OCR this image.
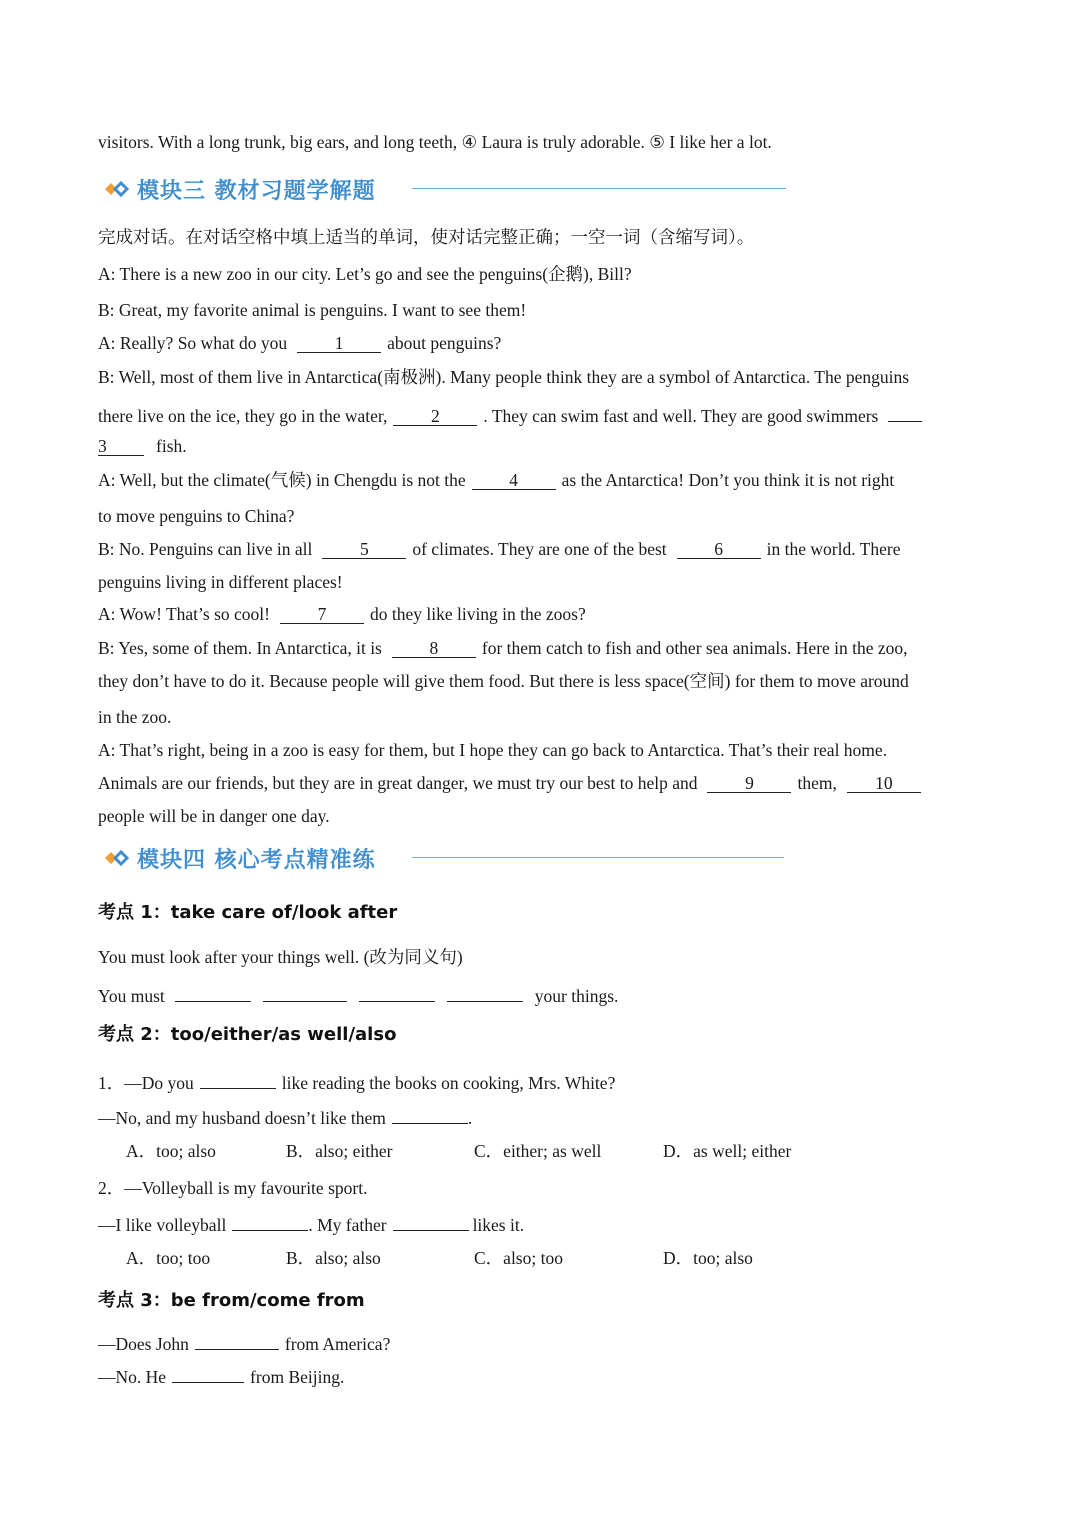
visitors. With a long trunk, big ears, and long teeth, ④ Laura is truly adorable. ⑤ I like her a lot.
模块三 教材习题学解题
完成对话。在对话空格中填上适当的单词，使对话完整正确；一空一词（含缩写词）。
A: There is a new zoo in our city. Let’s go and see the penguins(企鹅), Bill?
B: Great, my favorite animal is penguins. I want to see them!
A: Really? So what do you	1 about penguins?
B: Well, most of them live in Antarctica(南极洲). Many people think they are a symbol of Antarctica. The penguins
there live on the ice, they go in the water, 2 . They can swim fast and well. They are good swimmers
3	fish.
A: Well, but the climate(气候) in Chengdu is not the 4 as the Antarctica! Don’t you think it is not right
to move penguins to China?
B: No. Penguins can live in all	5 of climates. They are one of the best	6 in the world. There
penguins living in different places!
A: Wow! That’s so cool!	7 do they like living in the zoos?
B: Yes, some of them. In Antarctica, it is	8 for them catch to fish and other sea animals. Here in the zoo,
they don’t have to do it. Because people will give them food. But there is less space(空间) for them to move around
in the zoo.
A: That’s right, being in a zoo is easy for them, but I hope they can go back to Antarctica. That’s their real home.
Animals are our friends, but they are in great danger, we must try our best to help and	9 them, 10
people will be in danger one day.
模块四 核心考点精准练
考点 1：take care of/look after
You must look after your things well. (改为同义句)
You must	your things.
考点 2：too/either/as well/also
1．—Do you	like reading the books on cooking, Mrs. White?
—No, and my husband doesn’t like them	.
A．too; also	B．also; either	C．either; as well	D．as well; either
2．—Volleyball is my favourite sport.
—I like volleyball	. My father	likes it.
A．too; too	B．also; also	C．also; too	D．too; also
考点 3：be from/come from
—Does John	from America?
—No. He	from Beijing.
